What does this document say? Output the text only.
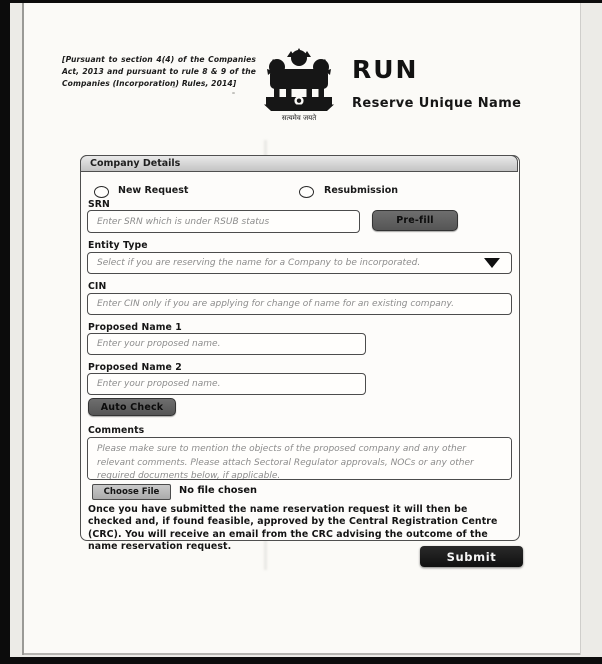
[Pursuant to section 4(4) of the Companies Act, 2013 and pursuant to rule 8 & 9 of the Companies (Incorporation) Rules, 2014]
सत्यमेव जयते
RUN
Reserve Unique Name
Company Details
New Request	Resubmission
SRN
Enter SRN which is under RSUB status
Pre-fill
Entity Type
Select if you are reserving the name for a Company to be incorporated.
CIN
Enter CIN only if you are applying for change of name for an existing company.
Proposed Name 1
Enter your proposed name.
Proposed Name 2
Enter your proposed name.
Auto Check
Comments
Please make sure to mention the objects of the proposed company and any other relevant comments. Please attach Sectoral Regulator approvals, NOCs or any other required documents below, if applicable.
Choose File	No file chosen
Once you have submitted the name reservation request it will then be checked and, if found feasible, approved by the Central Registration Centre (CRC). You will receive an email from the CRC advising the outcome of the name reservation request.
Submit
